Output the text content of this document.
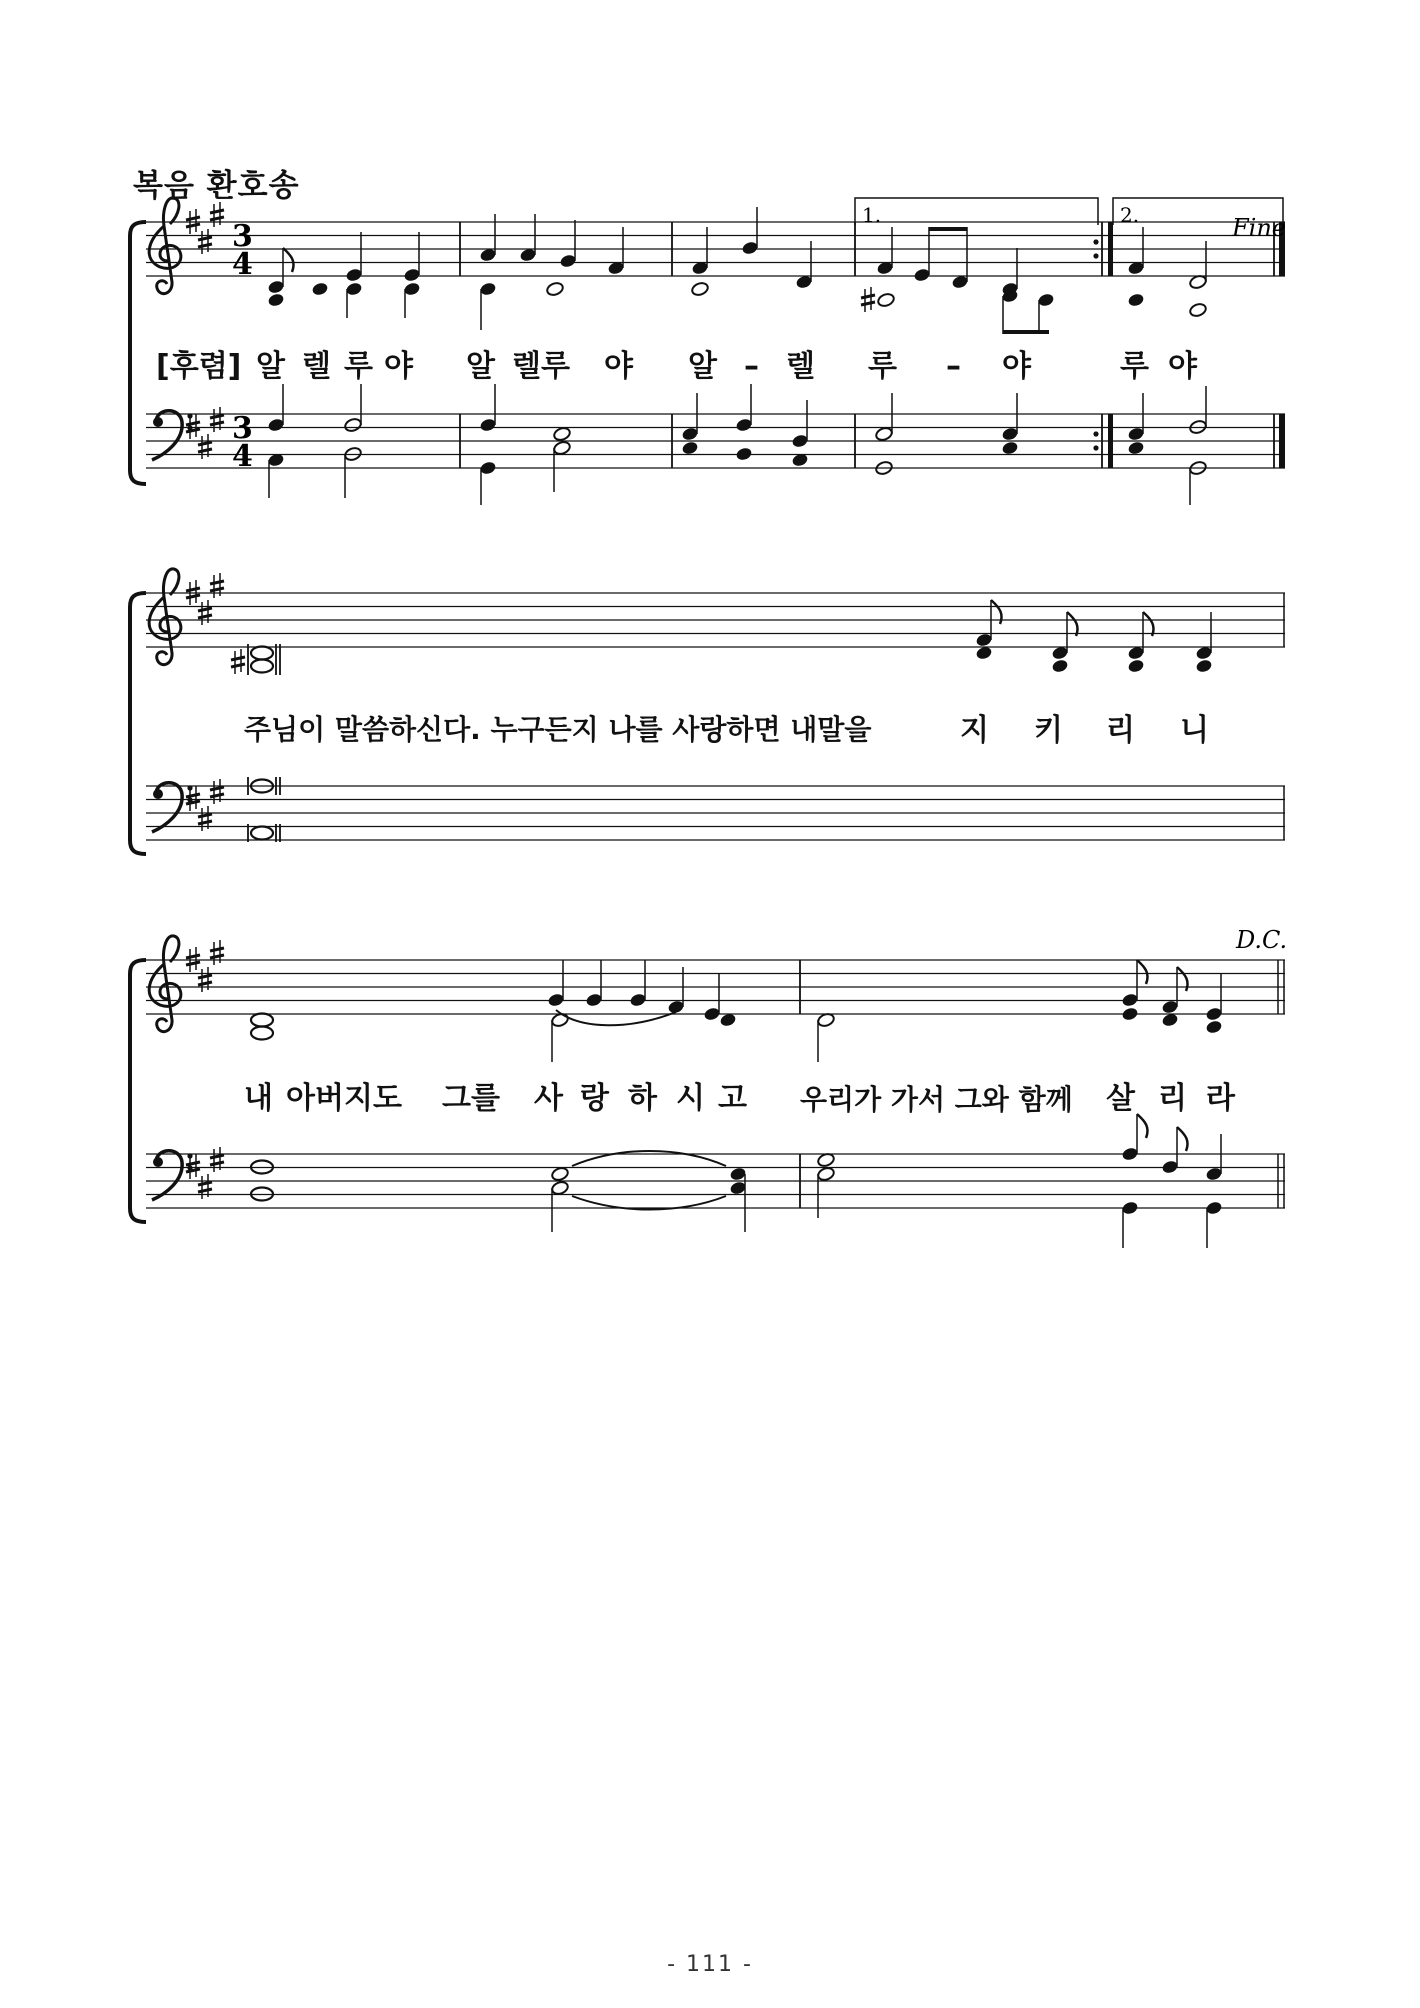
복음 환호송
3
4
3
4
1.	2.	Fine
D.C.
[후렴] 알 렐 루 야 알 렐루 야 알 – 렐 루 – 야	루 야
주님이 말씀하신다. 누구든지 나를 사랑하면 내말을	지 키 리 니
내 아버지도 그를 사 랑 하 시 고 우리가 가서 그와 함께 살 리 라
- 111 -
